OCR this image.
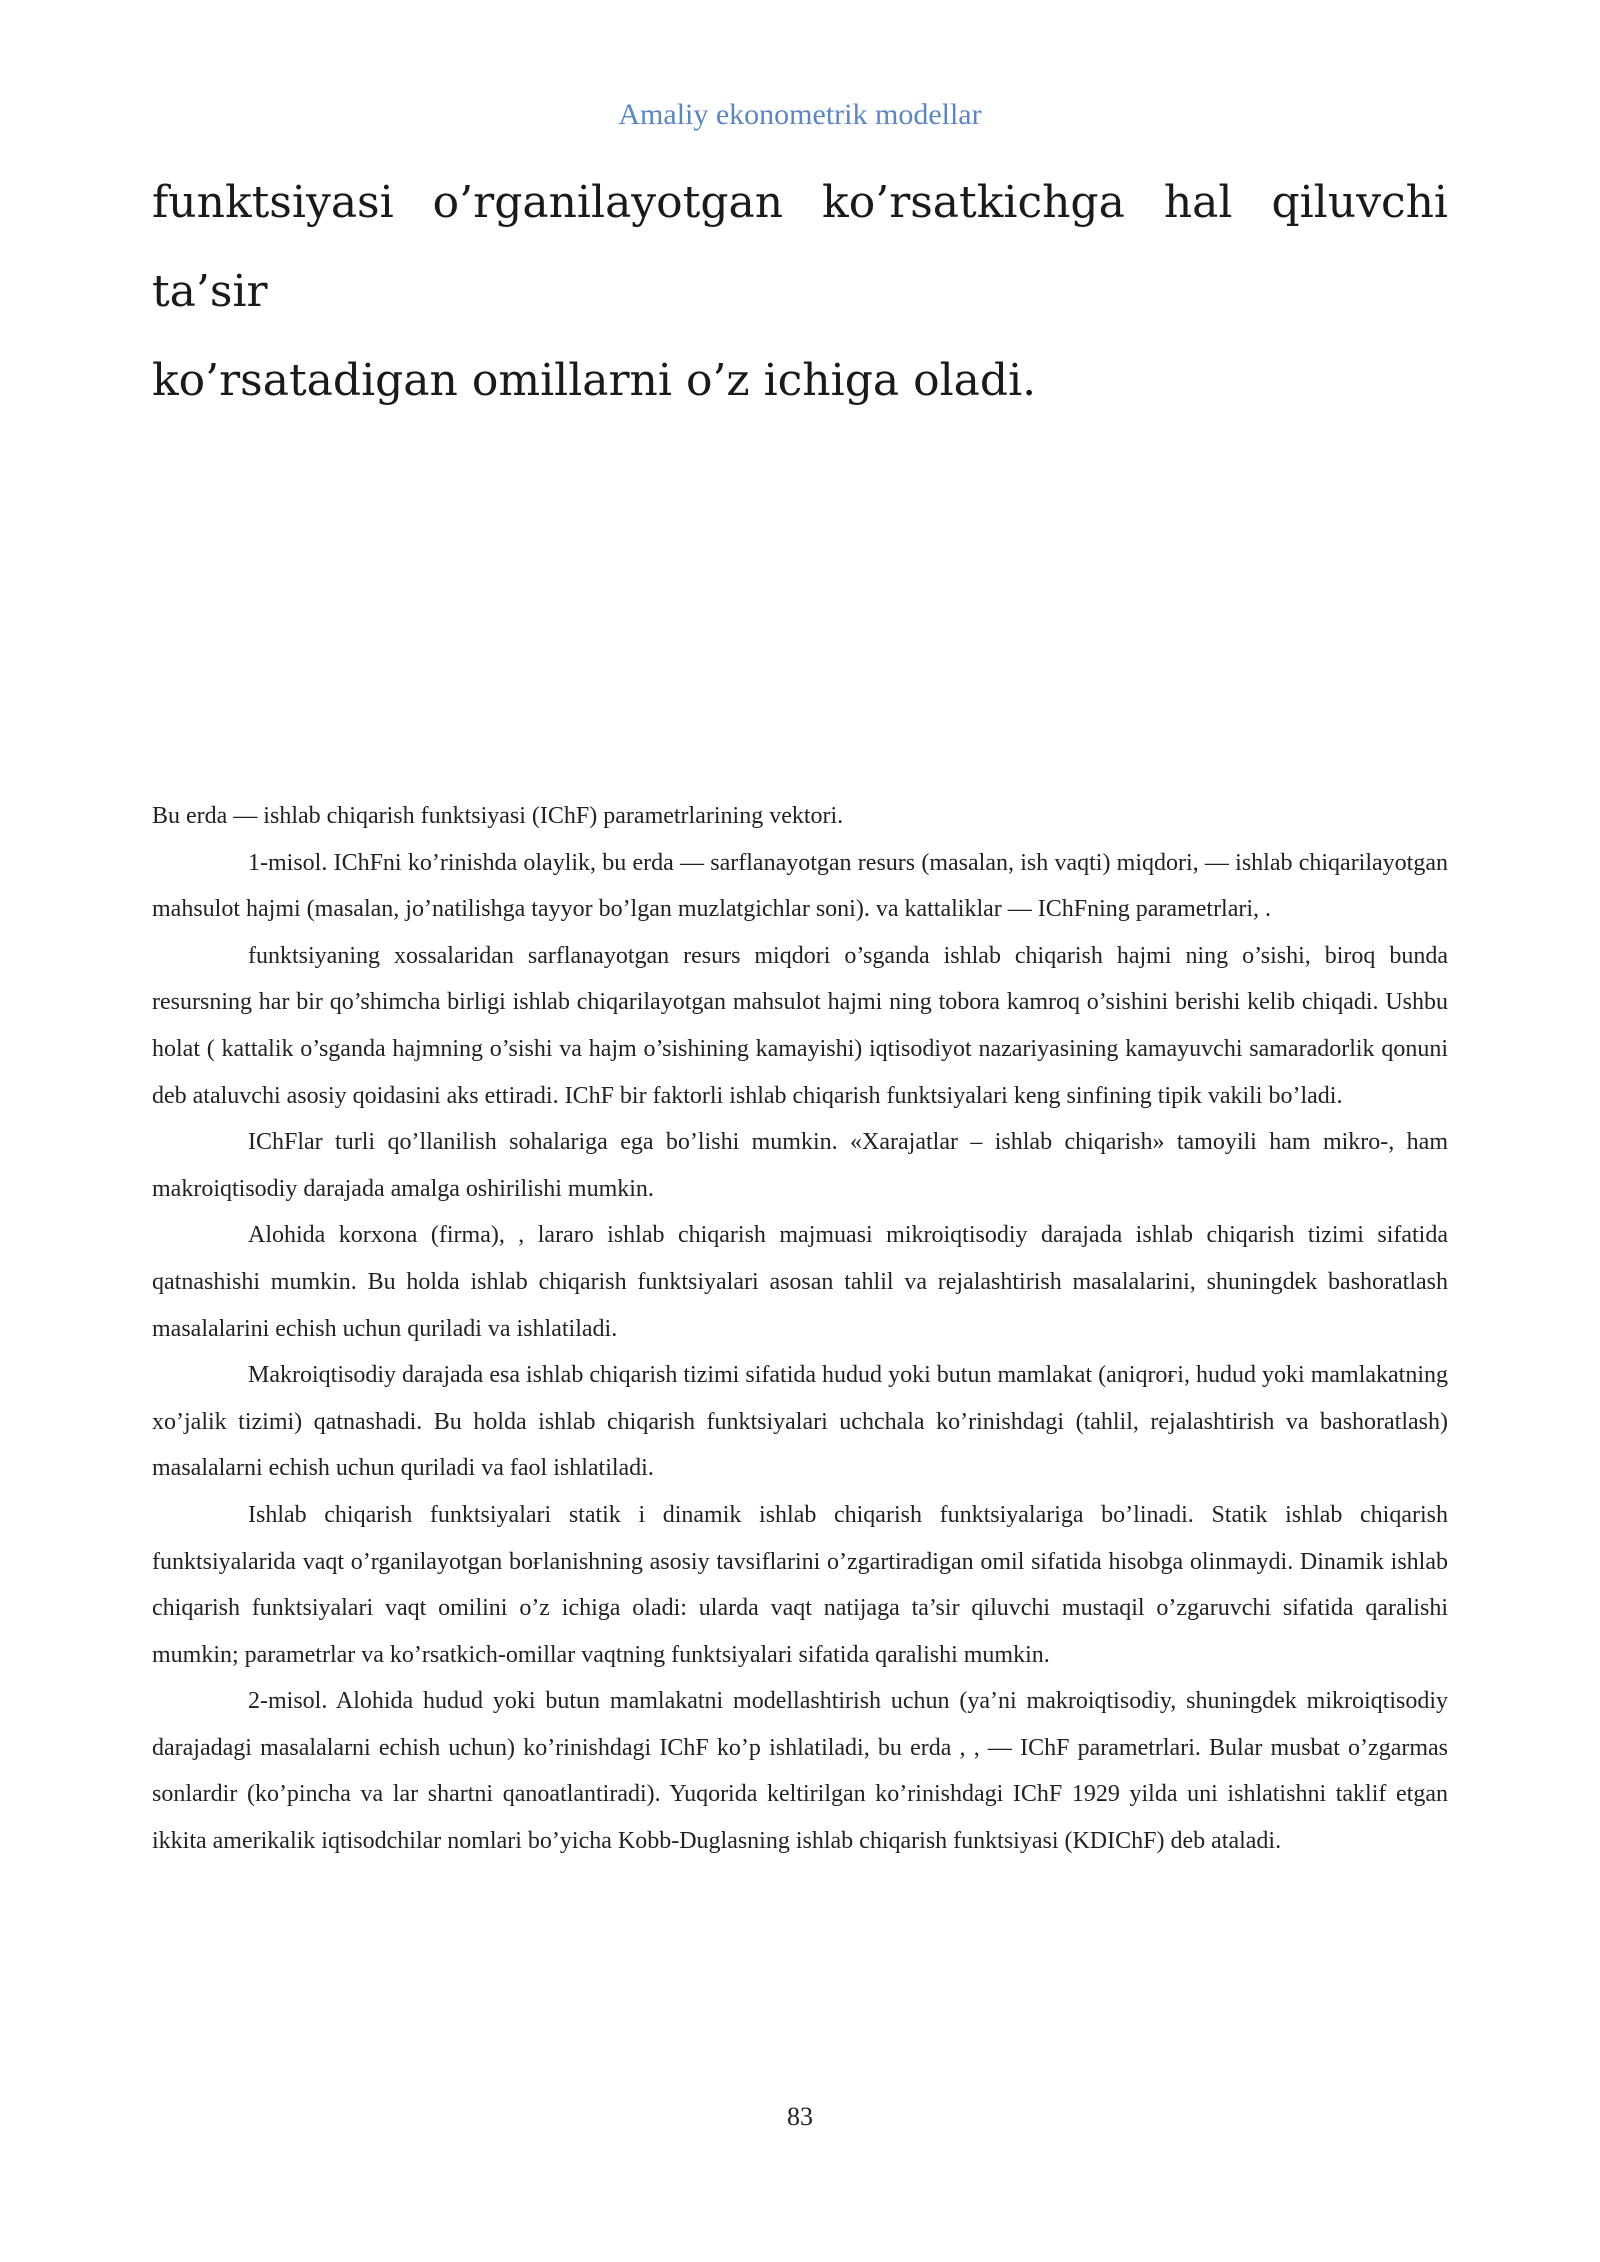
Amaliy ekonometrik modellar
funktsiyasi o’rganilayotgan ko’rsatkichga hal qiluvchi ta’sir
ko’rsatadigan omillarni o’z ichiga oladi.

Bu erda — ishlab chiqarish funktsiyasi (IChF) parametrlarining vektori.

1-misol. IChFni ko’rinishda olaylik, bu erda — sarflanayotgan resurs (masalan, ish vaqti) miqdori, — ishlab chiqarilayotgan mahsulot hajmi (masalan, jo’natilishga tayyor bo’lgan muzlatgichlar soni). va kattaliklar — IChFning parametrlari, .

funktsiyaning xossalaridan sarflanayotgan resurs miqdori o’sganda ishlab chiqarish hajmi ning o’sishi, biroq bunda resursning har bir qo’shimcha birligi ishlab chiqarilayotgan mahsulot hajmi ning tobora kamroq o’sishini berishi kelib chiqadi. Ushbu holat ( kattalik o’sganda hajmning o’sishi va hajm o’sishining kamayishi) iqtisodiyot nazariyasining kamayuvchi samaradorlik qonuni deb ataluvchi asosiy qoidasini aks ettiradi. IChF bir faktorli ishlab chiqarish funktsiyalari keng sinfining tipik vakili bo’ladi.

IChFlar turli qo’llanilish sohalariga ega bo’lishi mumkin. «Xarajatlar – ishlab chiqarish» tamoyili ham mikro-, ham makroiqtisodiy darajada amalga oshirilishi mumkin.

Alohida korxona (firma), , lararo ishlab chiqarish majmuasi mikroiqtisodiy darajada ishlab chiqarish tizimi sifatida qatnashishi mumkin. Bu holda ishlab chiqarish funktsiyalari asosan tahlil va rejalashtirish masalalarini, shuningdek bashoratlash masalalarini echish uchun quriladi va ishlatiladi.

Makroiqtisodiy darajada esa ishlab chiqarish tizimi sifatida hudud yoki butun mamlakat (aniqroғi, hudud yoki mamlakatning xo’jalik tizimi) qatnashadi. Bu holda ishlab chiqarish funktsiyalari uchchala ko’rinishdagi (tahlil, rejalashtirish va bashoratlash) masalalarni echish uchun quriladi va faol ishlatiladi.

Ishlab chiqarish funktsiyalari statik i dinamik ishlab chiqarish funktsiyalariga bo’linadi. Statik ishlab chiqarish funktsiyalarida vaqt o’rganilayotgan boғlanishning asosiy tavsiflarini o’zgartiradigan omil sifatida hisobga olinmaydi. Dinamik ishlab chiqarish funktsiyalari vaqt omilini o’z ichiga oladi: ularda vaqt natijaga ta’sir qiluvchi mustaqil o’zgaruvchi sifatida qaralishi mumkin; parametrlar va ko’rsatkich-omillar vaqtning funktsiyalari sifatida qaralishi mumkin.

2-misol. Alohida hudud yoki butun mamlakatni modellashtirish uchun (ya’ni makroiqtisodiy, shuningdek mikroiqtisodiy darajadagi masalalarni echish uchun) ko’rinishdagi IChF ko’p ishlatiladi, bu erda , , — IChF parametrlari. Bular musbat o’zgarmas sonlardir (ko’pincha va lar shartni qanoatlantiradi). Yuqorida keltirilgan ko’rinishdagi IChF 1929 yilda uni ishlatishni taklif etgan ikkita amerikalik iqtisodchilar nomlari bo’yicha Kobb-Duglasning ishlab chiqarish funktsiyasi (KDIChF) deb ataladi.

83
